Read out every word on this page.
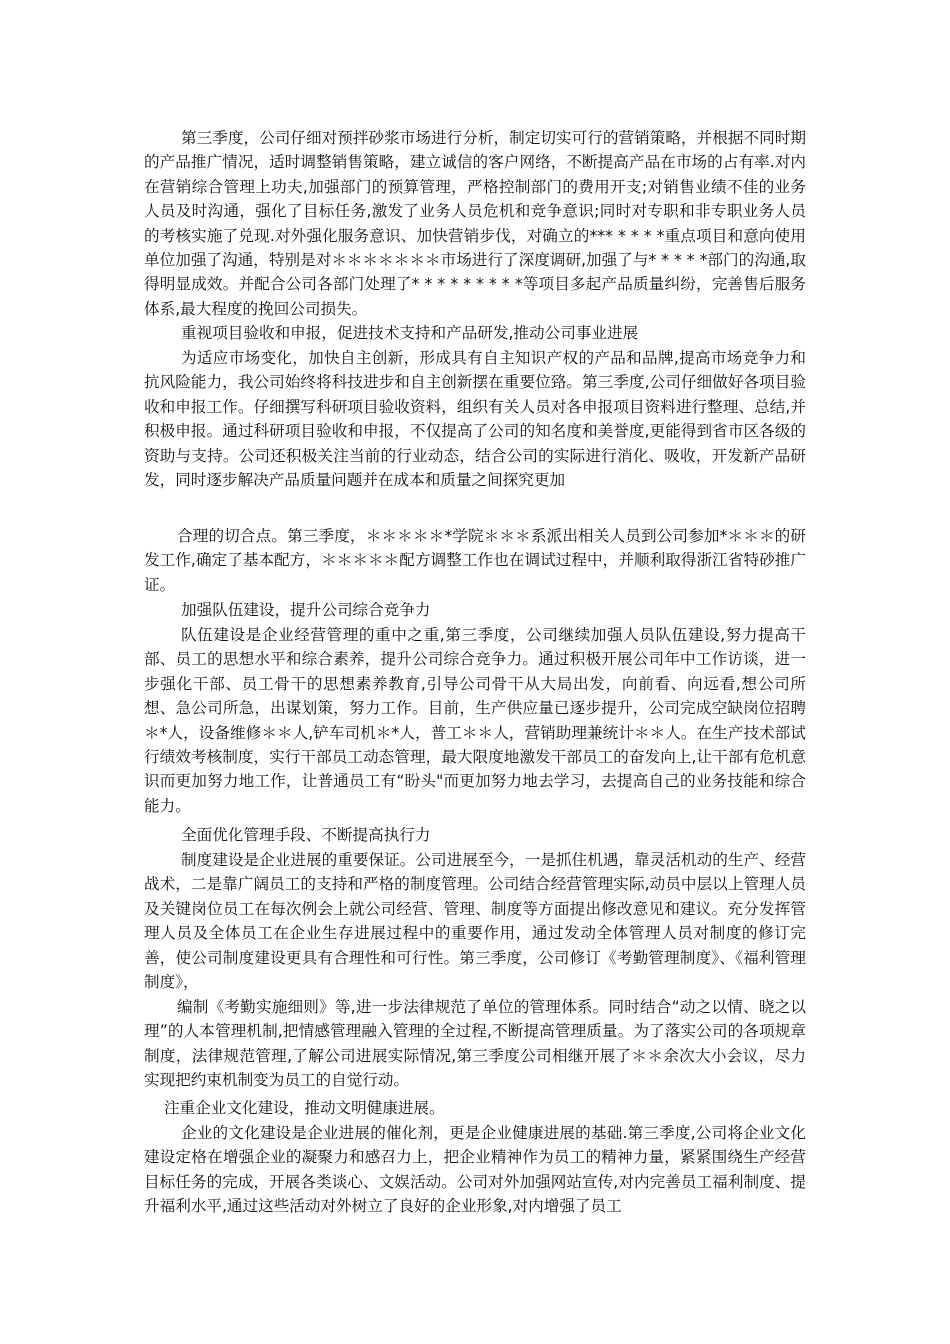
第三季度，公司仔细对预拌砂浆市场进行分析，制定切实可行的营销策略，并根据不同时期的产品推广情况，适时调整销售策略，建立诚信的客户网络，不断提高产品在市场的占有率.对内在营销综合管理上功夫,加强部门的预算管理，严格控制部门的费用开支;对销售业绩不佳的业务人员及时沟通，强化了目标任务,激发了业务人员危机和竞争意识;同时对专职和非专职业务人员的考核实施了兑现.对外强化服务意识、加快营销步伐，对确立的*** * * * *重点项目和意向使用单位加强了沟通，特别是对＊＊＊＊＊＊＊市场进行了深度调研,加强了与* * * * *部门的沟通,取得明显成效。并配合公司各部门处理了* * * * * * * * *等项目多起产品质量纠纷，完善售后服务体系,最大程度的挽回公司损失。

重视项目验收和申报，促进技术支持和产品研发,推动公司事业进展

为适应市场变化，加快自主创新，形成具有自主知识产权的产品和品牌,提高市场竞争力和抗风险能力，我公司始终将科技进步和自主创新摆在重要位臵。第三季度,公司仔细做好各项目验收和申报工作。仔细撰写科研项目验收资料，组织有关人员对各申报项目资料进行整理、总结,并积极申报。通过科研项目验收和申报，不仅提高了公司的知名度和美誉度,更能得到省市区各级的资助与支持。公司还积极关注当前的行业动态，结合公司的实际进行消化、吸收，开发新产品研发，同时逐步解决产品质量问题并在成本和质量之间探究更加

合理的切合点。第三季度，＊＊＊＊＊*学院＊＊＊系派出相关人员到公司参加*＊＊＊的研发工作,确定了基本配方，＊＊＊＊＊配方调整工作也在调试过程中，并顺利取得浙江省特砂推广证。

加强队伍建设，提升公司综合竞争力

队伍建设是企业经营管理的重中之重,第三季度，公司继续加强人员队伍建设,努力提高干部、员工的思想水平和综合素养，提升公司综合竞争力。通过积极开展公司年中工作访谈，进一步强化干部、员工骨干的思想素养教育,引导公司骨干从大局出发，向前看、向远看,想公司所想、急公司所急，出谋划策，努力工作。目前，生产供应量已逐步提升，公司完成空缺岗位招聘＊*人，设备维修＊＊人,铲车司机＊*人，普工＊＊人，营销助理兼统计＊＊人。在生产技术部试行绩效考核制度，实行干部员工动态管理，最大限度地激发干部员工的奋发向上,让干部有危机意识而更加努力地工作，让普通员工有“盼头"而更加努力地去学习，去提高自己的业务技能和综合能力。

全面优化管理手段、不断提高执行力

制度建设是企业进展的重要保证。公司进展至今，一是抓住机遇，靠灵活机动的生产、经营战术，二是靠广阔员工的支持和严格的制度管理。公司结合经营管理实际,动员中层以上管理人员及关键岗位员工在每次例会上就公司经营、管理、制度等方面提出修改意见和建议。充分发挥管理人员及全体员工在企业生存进展过程中的重要作用，通过发动全体管理人员对制度的修订完善，使公司制度建设更具有合理性和可行性。第三季度，公司修订《考勤管理制度》、《福利管理制度》，

编制《考勤实施细则》等,进一步法律规范了单位的管理体系。同时结合“动之以情、晓之以理”的人本管理机制,把情感管理融入管理的全过程,不断提高管理质量。为了落实公司的各项规章制度，法律规范管理,了解公司进展实际情况,第三季度公司相继开展了＊＊余次大小会议，尽力实现把约束机制变为员工的自觉行动。

注重企业文化建设，推动文明健康进展。

企业的文化建设是企业进展的催化剂，更是企业健康进展的基础.第三季度,公司将企业文化建设定格在增强企业的凝聚力和感召力上，把企业精神作为员工的精神力量，紧紧围绕生产经营目标任务的完成，开展各类谈心、文娱活动。公司对外加强网站宣传,对内完善员工福利制度、提升福利水平,通过这些活动对外树立了良好的企业形象,对内增强了员工
